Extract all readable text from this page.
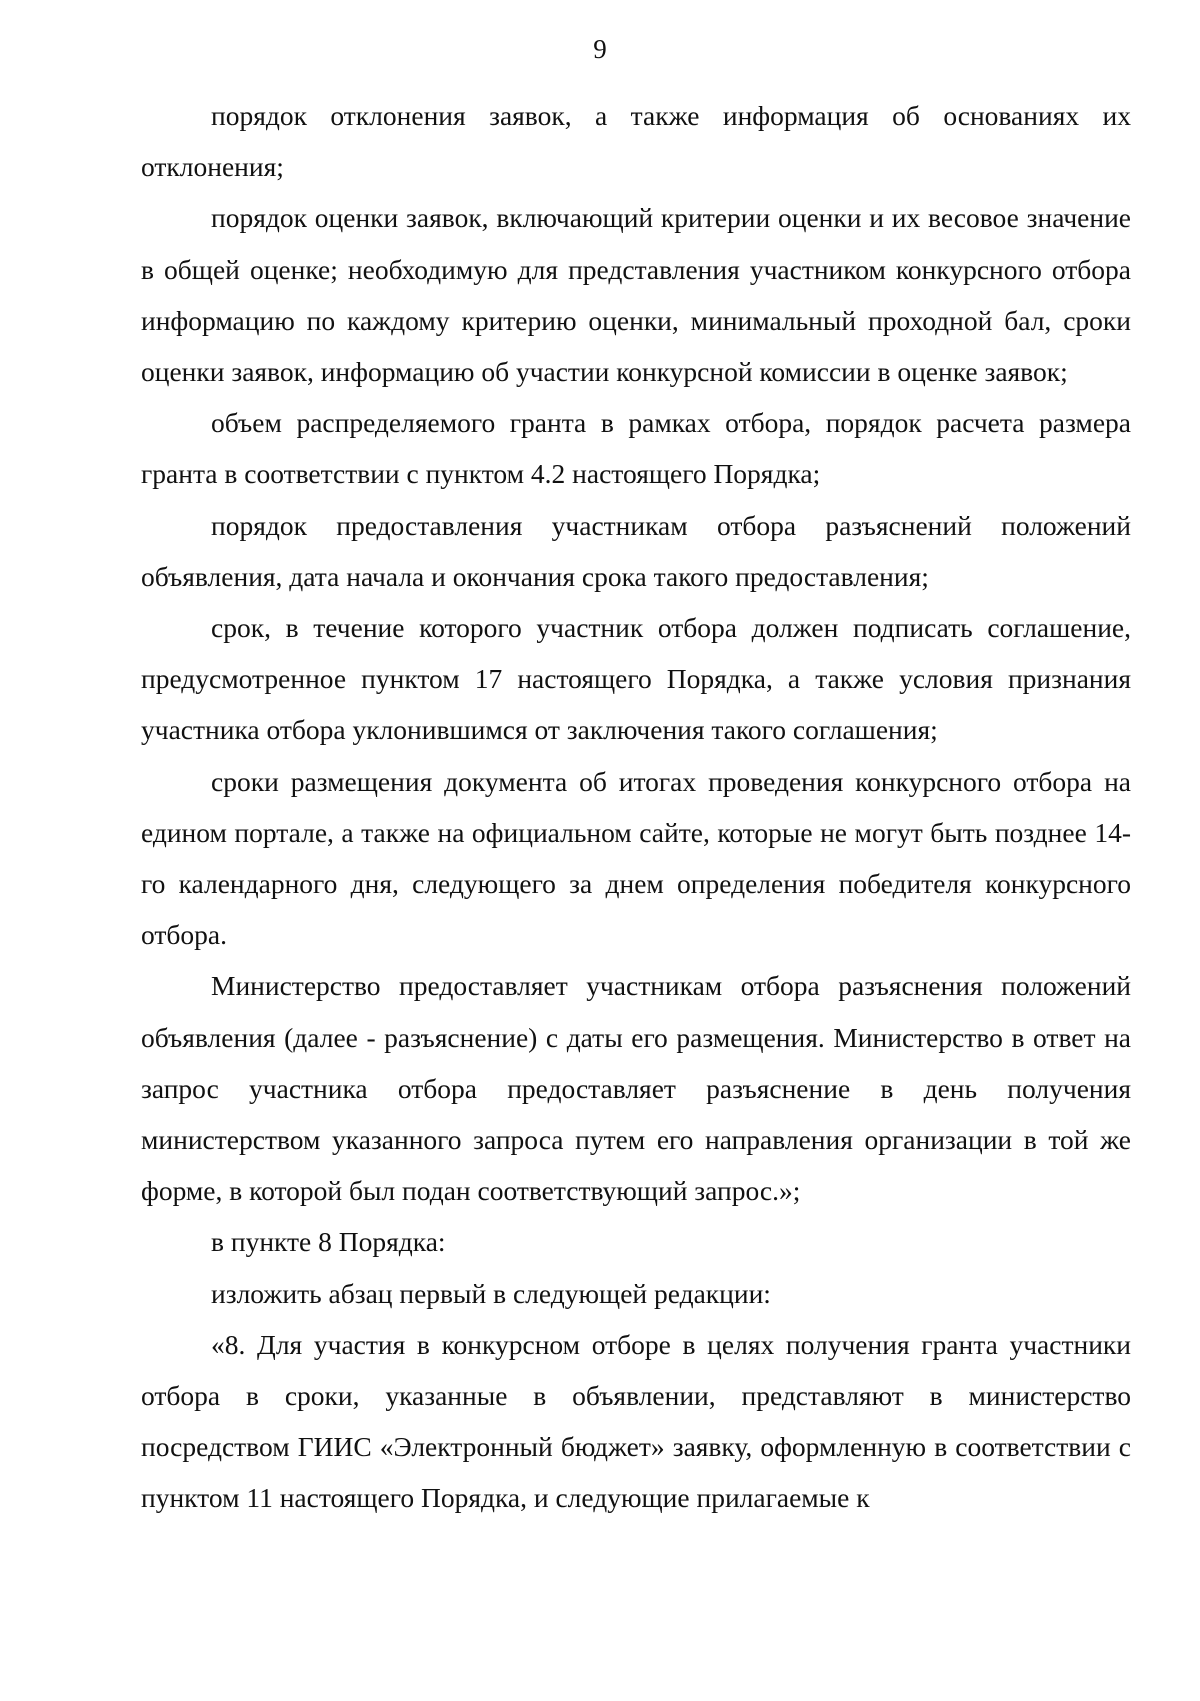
9

порядок отклонения заявок, а также информация об основаниях их отклонения;

порядок оценки заявок, включающий критерии оценки и их весовое значение в общей оценке; необходимую для представления участником конкурсного отбора информацию по каждому критерию оценки, минимальный проходной бал, сроки оценки заявок, информацию об участии конкурсной комиссии в оценке заявок;

объем распределяемого гранта в рамках отбора, порядок расчета размера гранта в соответствии с пунктом 4.2 настоящего Порядка;

порядок предоставления участникам отбора разъяснений положений объявления, дата начала и окончания срока такого предоставления;

срок, в течение которого участник отбора должен подписать соглашение, предусмотренное пунктом 17 настоящего Порядка, а также условия признания участника отбора уклонившимся от заключения такого соглашения;

сроки размещения документа об итогах проведения конкурсного отбора на едином портале, а также на официальном сайте, которые не могут быть позднее 14-го календарного дня, следующего за днем определения победителя конкурсного отбора.

Министерство предоставляет участникам отбора разъяснения положений объявления (далее - разъяснение) с даты его размещения. Министерство в ответ на запрос участника отбора предоставляет разъяснение в день получения министерством указанного запроса путем его направления организации в той же форме, в которой был подан соответствующий запрос.»;

в пункте 8 Порядка:

изложить абзац первый в следующей редакции:

«8. Для участия в конкурсном отборе в целях получения гранта участники отбора в сроки, указанные в объявлении, представляют в министерство посредством ГИИС «Электронный бюджет» заявку, оформленную в соответствии с пунктом 11 настоящего Порядка, и следующие прилагаемые к
